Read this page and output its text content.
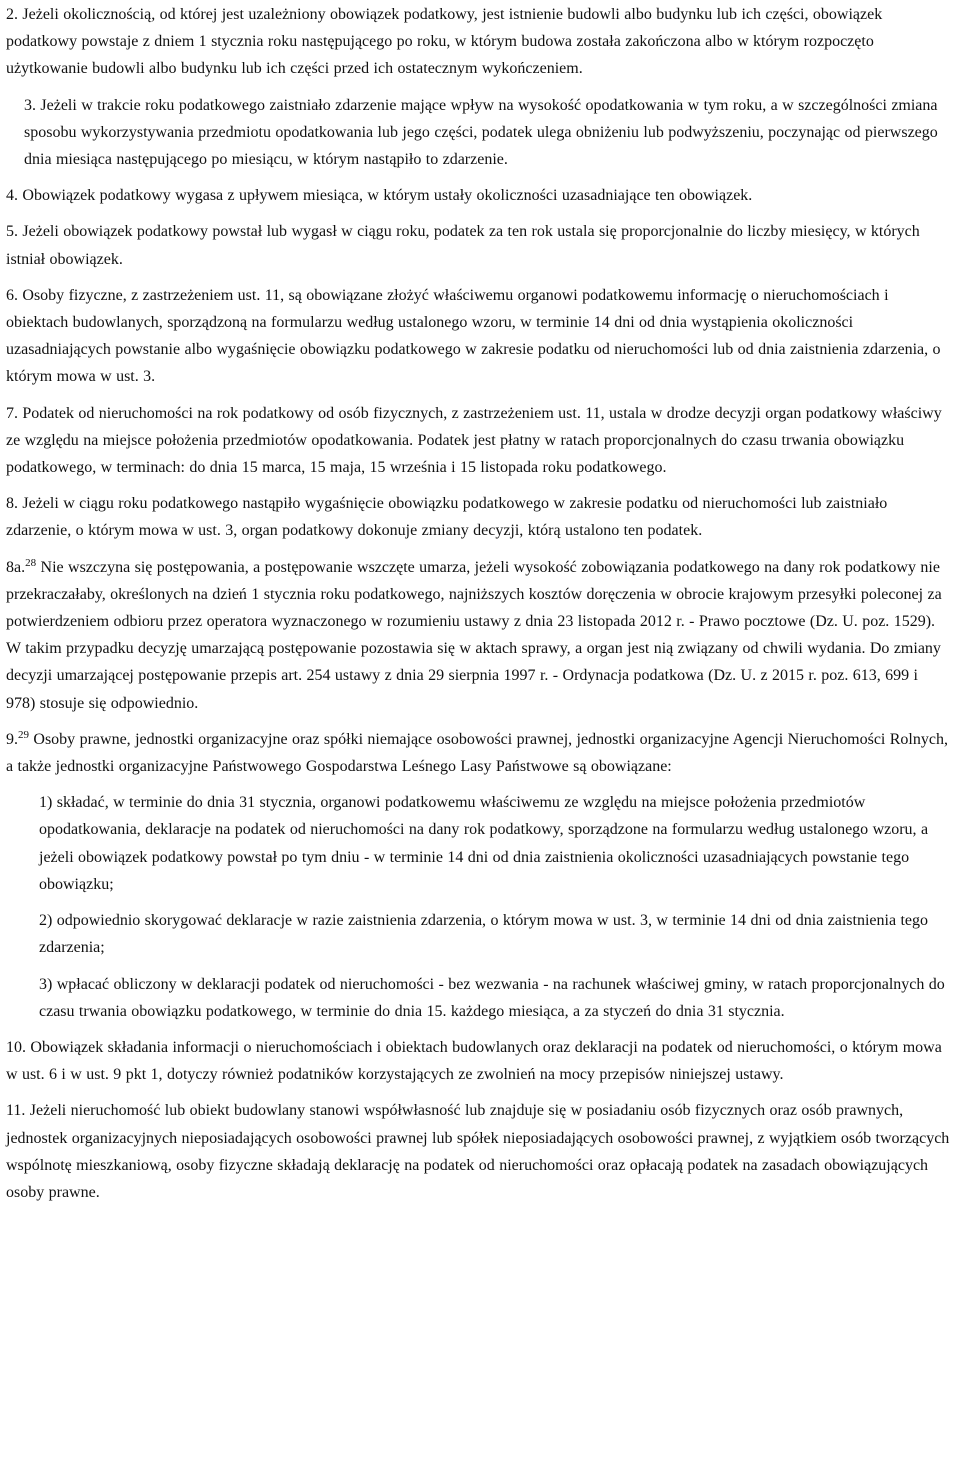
2. Jeżeli okolicznością, od której jest uzależniony obowiązek podatkowy, jest istnienie budowli albo budynku lub ich części, obowiązek podatkowy powstaje z dniem 1 stycznia roku następującego po roku, w którym budowa została zakończona albo w którym rozpoczęto użytkowanie budowli albo budynku lub ich części przed ich ostatecznym wykończeniem.

3. Jeżeli w trakcie roku podatkowego zaistniało zdarzenie mające wpływ na wysokość opodatkowania w tym roku, a w szczególności zmiana sposobu wykorzystywania przedmiotu opodatkowania lub jego części, podatek ulega obniżeniu lub podwyższeniu, poczynając od pierwszego dnia miesiąca następującego po miesiącu, w którym nastąpiło to zdarzenie.

4. Obowiązek podatkowy wygasa z upływem miesiąca, w którym ustały okoliczności uzasadniające ten obowiązek.

5. Jeżeli obowiązek podatkowy powstał lub wygasł w ciągu roku, podatek za ten rok ustala się proporcjonalnie do liczby miesięcy, w których istniał obowiązek.

6. Osoby fizyczne, z zastrzeżeniem ust. 11, są obowiązane złożyć właściwemu organowi podatkowemu informację o nieruchomościach i obiektach budowlanych, sporządzoną na formularzu według ustalonego wzoru, w terminie 14 dni od dnia wystąpienia okoliczności uzasadniających powstanie albo wygaśnięcie obowiązku podatkowego w zakresie podatku od nieruchomości lub od dnia zaistnienia zdarzenia, o którym mowa w ust. 3.

7. Podatek od nieruchomości na rok podatkowy od osób fizycznych, z zastrzeżeniem ust. 11, ustala w drodze decyzji organ podatkowy właściwy ze względu na miejsce położenia przedmiotów opodatkowania. Podatek jest płatny w ratach proporcjonalnych do czasu trwania obowiązku podatkowego, w terminach: do dnia 15 marca, 15 maja, 15 września i 15 listopada roku podatkowego.

8. Jeżeli w ciągu roku podatkowego nastąpiło wygaśnięcie obowiązku podatkowego w zakresie podatku od nieruchomości lub zaistniało zdarzenie, o którym mowa w ust. 3, organ podatkowy dokonuje zmiany decyzji, którą ustalono ten podatek.

8a.$^{28}$ Nie wszczyna się postępowania, a postępowanie wszczęte umarza, jeżeli wysokość zobowiązania podatkowego na dany rok podatkowy nie przekraczałaby, określonych na dzień 1 stycznia roku podatkowego, najniższych kosztów doręczenia w obrocie krajowym przesyłki poleconej za potwierdzeniem odbioru przez operatora wyznaczonego w rozumieniu ustawy z dnia 23 listopada 2012 r. - Prawo pocztowe (Dz. U. poz. 1529). W takim przypadku decyzję umarzającą postępowanie pozostawia się w aktach sprawy, a organ jest nią związany od chwili wydania. Do zmiany decyzji umarzającej postępowanie przepis art. 254 ustawy z dnia 29 sierpnia 1997 r. - Ordynacja podatkowa (Dz. U. z 2015 r. poz. 613, 699 i 978) stosuje się odpowiednio.

9.29 Osoby prawne, jednostki organizacyjne oraz spółki niemające osobowości prawnej, jednostki organizacyjne Agencji Nieruchomości Rolnych, a także jednostki organizacyjne Państwowego Gospodarstwa Leśnego Lasy Państwowe są obowiązane:

1) składać, w terminie do dnia 31 stycznia, organowi podatkowemu właściwemu ze względu na miejsce położenia przedmiotów opodatkowania, deklaracje na podatek od nieruchomości na dany rok podatkowy, sporządzone na formularzu według ustalonego wzoru, a jeżeli obowiązek podatkowy powstał po tym dniu - w terminie 14 dni od dnia zaistnienia okoliczności uzasadniających powstanie tego obowiązku;

2) odpowiednio skorygować deklaracje w razie zaistnienia zdarzenia, o którym mowa w ust. 3, w terminie 14 dni od dnia zaistnienia tego zdarzenia;

3) wpłacać obliczony w deklaracji podatek od nieruchomości - bez wezwania - na rachunek właściwej gminy, w ratach proporcjonalnych do czasu trwania obowiązku podatkowego, w terminie do dnia 15. każdego miesiąca, a za styczeń do dnia 31 stycznia.

10. Obowiązek składania informacji o nieruchomościach i obiektach budowlanych oraz deklaracji na podatek od nieruchomości, o którym mowa w ust. 6 i w ust. 9 pkt 1, dotyczy również podatników korzystających ze zwolnień na mocy przepisów niniejszej ustawy.

11. Jeżeli nieruchomość lub obiekt budowlany stanowi współwłasność lub znajduje się w posiadaniu osób fizycznych oraz osób prawnych, jednostek organizacyjnych nieposiadających osobowości prawnej lub spółek nieposiadających osobowości prawnej, z wyjątkiem osób tworzących wspólnotę mieszkaniową, osoby fizyczne składają deklarację na podatek od nieruchomości oraz opłacają podatek na zasadach obowiązujących osoby prawne.
